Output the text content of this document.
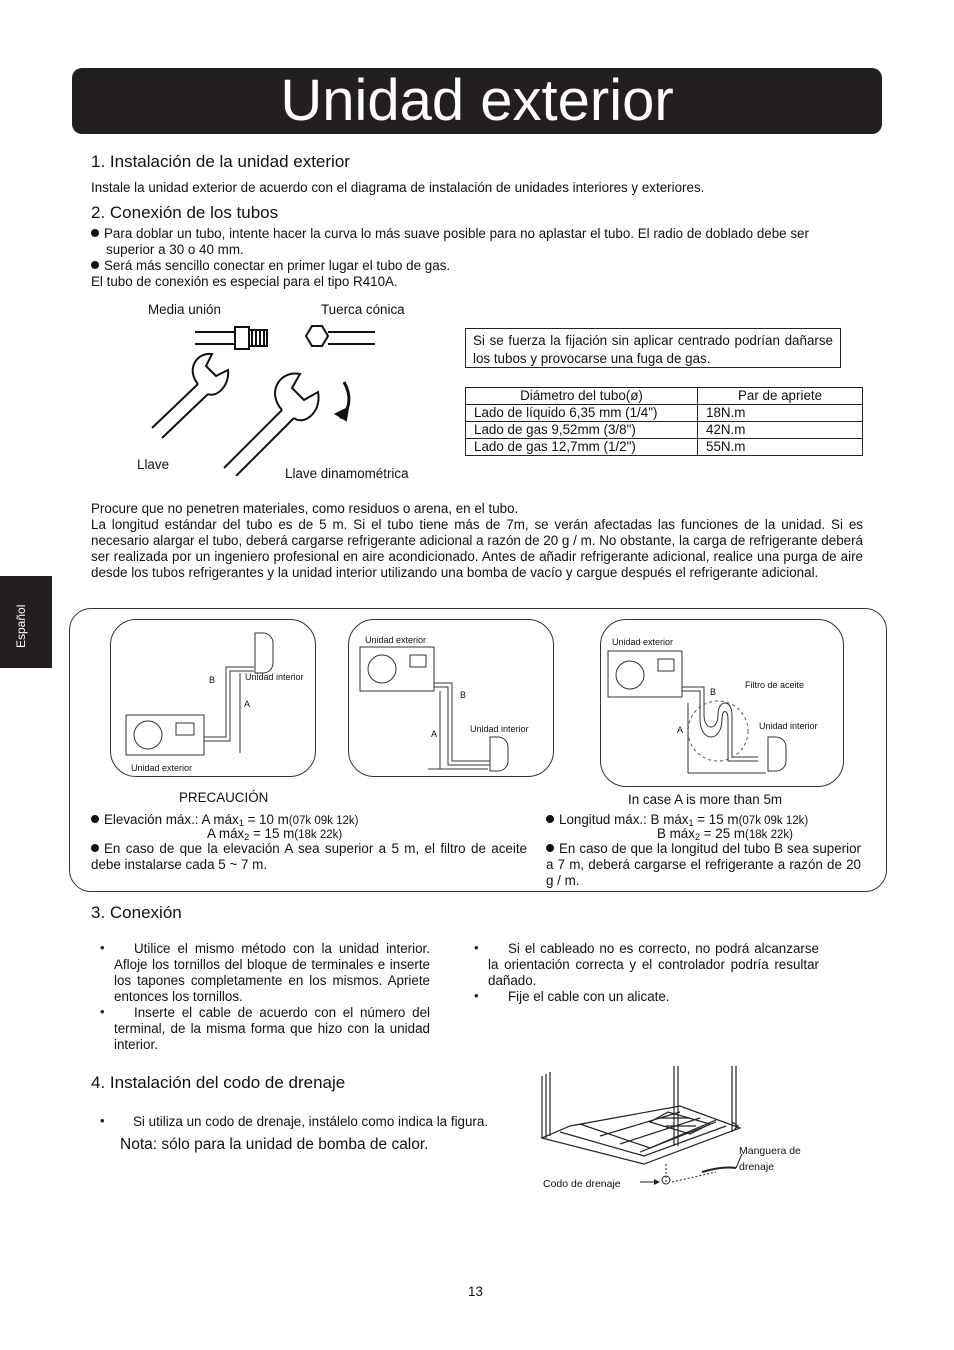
Unidad exterior
Español
1. Instalación de la unidad exterior
Instale la unidad exterior de acuerdo con el diagrama de instalación de unidades interiores y exteriores.
2. Conexión de los tubos
Para doblar un tubo, intente hacer la curva lo más suave posible para no aplastar el tubo. El radio de doblado debe ser
superior a 30 o 40 mm.
Será más sencillo conectar en primer lugar el tubo de gas.
El tubo de conexión es especial para el tipo R410A.
Media unión	Tuerca cónica
Llave
Llave dinamométrica
Si se fuerza la fijación sin aplicar centrado podrían dañarse los tubos y provocarse una fuga de gas.
Diámetro del tubo(ø)	Par de apriete
Lado de líquido 6,35 mm (1/4")	18N.m
Lado de gas 9,52mm (3/8")	42N.m
Lado de gas 12,7mm (1/2")	55N.m
Procure que no penetren materiales, como residuos o arena, en el tubo.
La longitud estándar del tubo es de 5 m. Si el tubo tiene más de 7m, se verán afectadas las funciones de la unidad. Si es necesario alargar el tubo, deberá cargarse refrigerante adicional a razón de 20 g / m. No obstante, la carga de refrigerante deberá ser realizada por un ingeniero profesional en aire acondicionado. Antes de añadir refrigerante adicional, realice una purga de aire desde los tubos refrigerantes y la unidad interior utilizando una bomba de vacío y cargue después el refrigerante adicional.
B	Unidad interior
A
Unidad exterior
Unidad exterior
B
Unidad interior
A
Unidad exterior
Filtro de aceite
B
Unidad interior
A
PRECAUCIÓN
Elevación máx.: A máx$_1$ = 10 m(07k 09k 12k)
A máx$_2$ = 15 m(18k 22k)
En caso de que la elevación A sea superior a 5 m, el filtro de aceite debe instalarse cada 5 ~ 7 m.
In case A is more than 5m
Longitud máx.: B máx$_1$ = 15 m(07k 09k 12k)
B máx$_2$ = 25 m(18k 22k)
En caso de que la longitud del tubo B sea superior a 7 m, deberá cargarse el refrigerante a razón de 20 g / m.
3. Conexión
•	Utilice el mismo método con la unidad interior. Afloje los tornillos del bloque de terminales e inserte los tapones completamente en los mismos. Apriete entonces los tornillos.
•	Inserte el cable de acuerdo con el número del terminal, de la misma forma que hizo con la unidad interior.
•	Si el cableado no es correcto, no podrá alcanzarse la orientación correcta y el controlador podría resultar dañado.
•	Fije el cable con un alicate.
4. Instalación del codo de drenaje
• Si utiliza un codo de drenaje, instálelo como indica la figura.
Nota: sólo para la unidad de bomba de calor.	Manguera de
drenaje
Codo de drenaje
13
